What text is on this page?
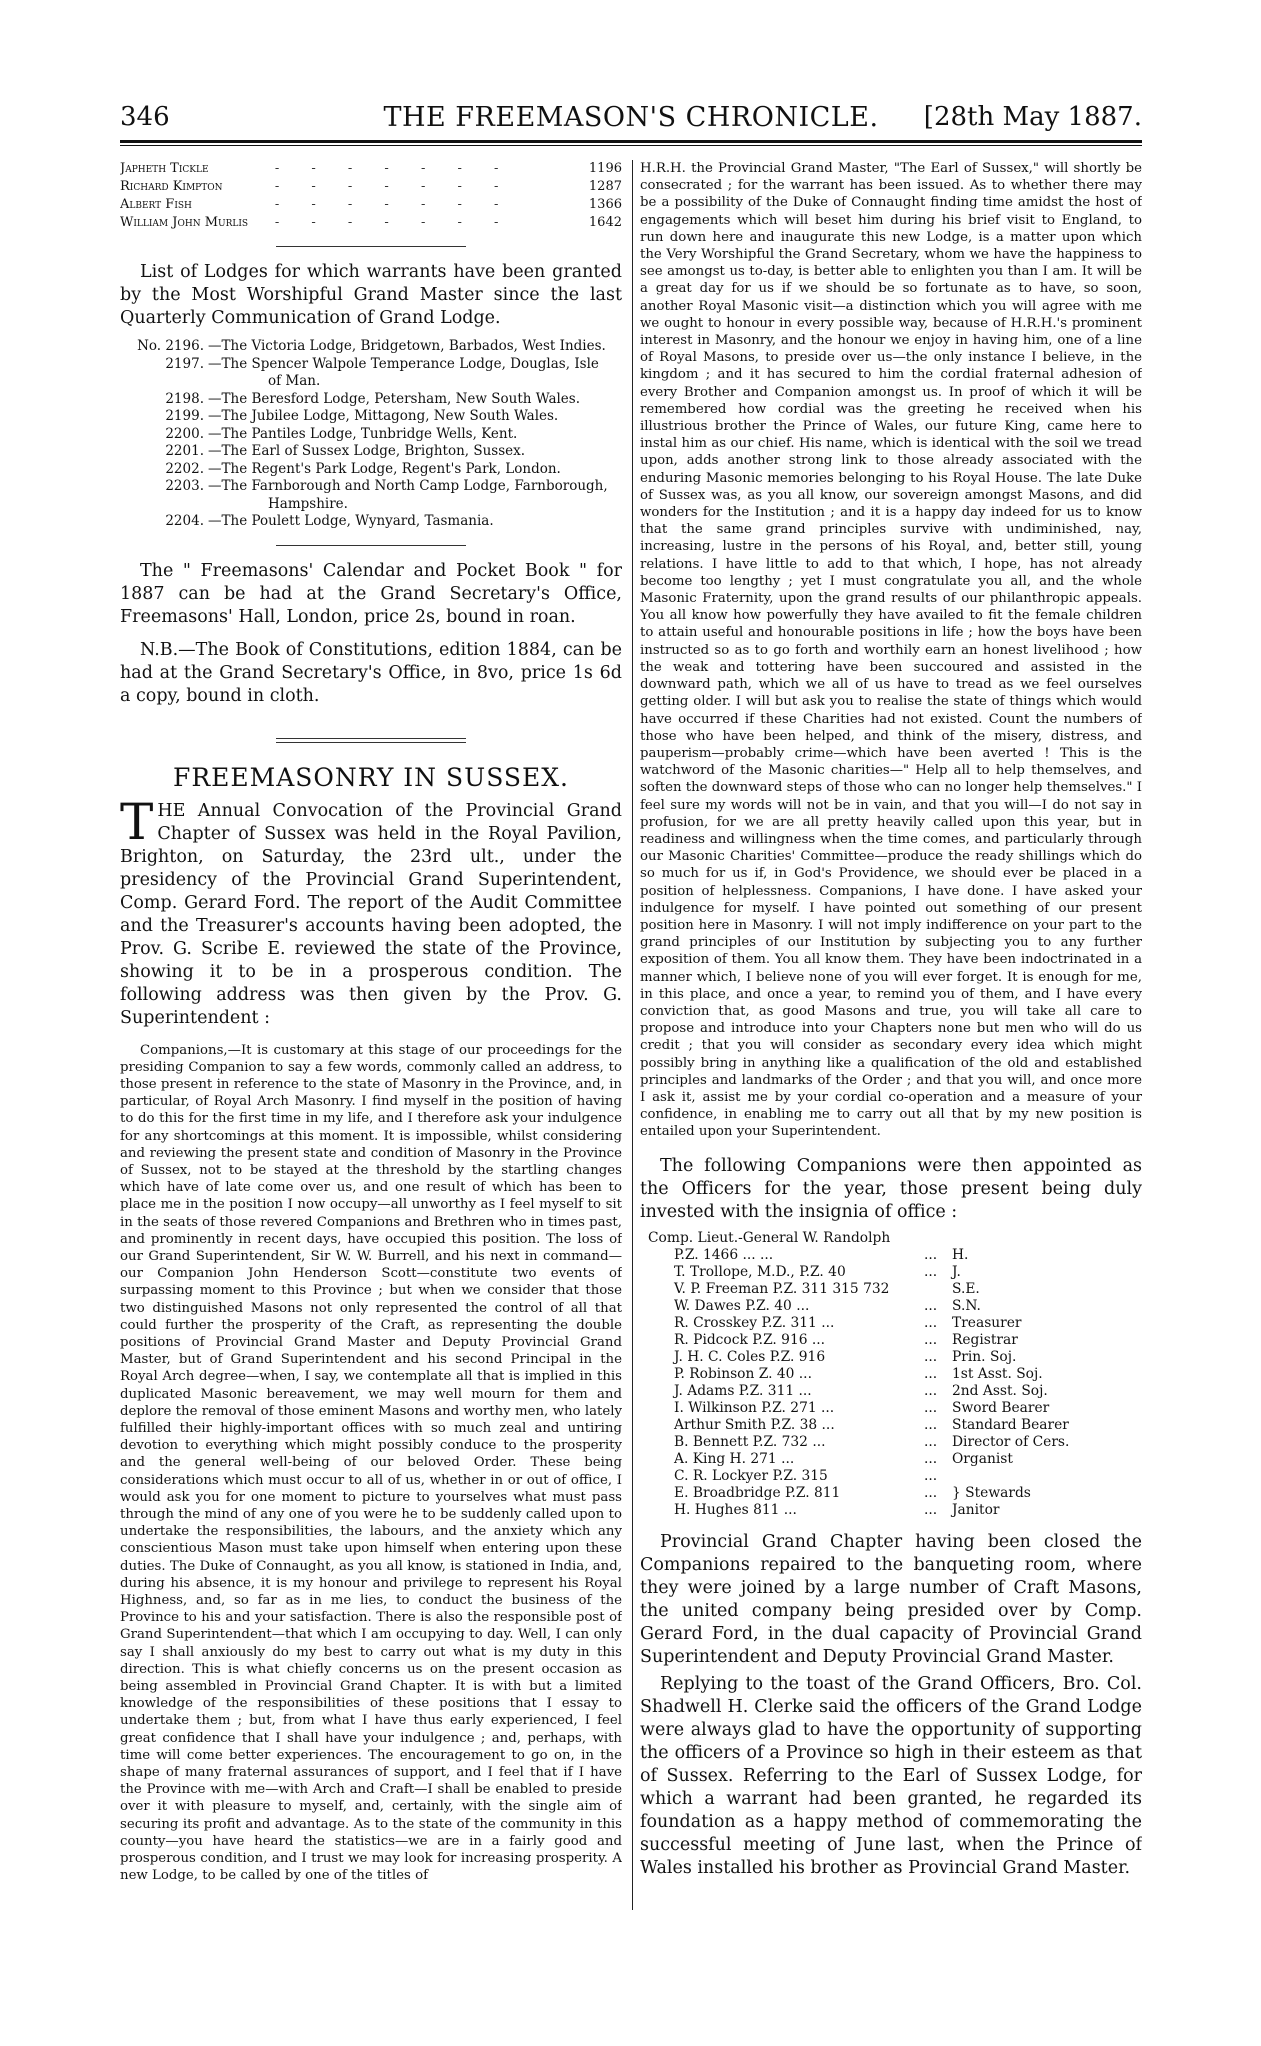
346	THE FREEMASON'S CHRONICLE.	[28th May 1887.
Japheth Tickle	- - - - - - -	1196
Richard Kimpton	- - - - - - -	1287
Albert Fish	- - - - - - -	1366
William John Murlis	- - - - - - -	1642

List of Lodges for which warrants have been granted by the Most Worshipful Grand Master since the last Quarterly Communication of Grand Lodge.

No. 2196. —The Victoria Lodge, Bridgetown, Barbados, West Indies.
2197. —The Spencer Walpole Temperance Lodge, Douglas, Isle
of Man.
2198. —The Beresford Lodge, Petersham, New South Wales.
2199. —The Jubilee Lodge, Mittagong, New South Wales.
2200. —The Pantiles Lodge, Tunbridge Wells, Kent.
2201. —The Earl of Sussex Lodge, Brighton, Sussex.
2202. —The Regent's Park Lodge, Regent's Park, London.
2203. —The Farnborough and North Camp Lodge, Farnborough,
Hampshire.
2204. —The Poulett Lodge, Wynyard, Tasmania.

The " Freemasons' Calendar and Pocket Book " for 1887 can be had at the Grand Secretary's Office, Freemasons' Hall, London, price 2s, bound in roan.

N.B.—The Book of Constitutions, edition 1884, can be had at the Grand Secretary's Office, in 8vo, price 1s 6d a copy, bound in cloth.

FREEMASONRY IN SUSSEX.

THE Annual Convocation of the Provincial Grand Chapter of Sussex was held in the Royal Pavilion, Brighton, on Saturday, the 23rd ult., under the presidency of the Provincial Grand Superintendent, Comp. Gerard Ford. The report of the Audit Committee and the Treasurer's accounts having been adopted, the Prov. G. Scribe E. reviewed the state of the Province, showing it to be in a prosperous condition. The following address was then given by the Prov. G. Superintendent :

Companions,—It is customary at this stage of our proceedings for the presiding Companion to say a few words, commonly called an address, to those present in reference to the state of Masonry in the Province, and, in particular, of Royal Arch Masonry. I find myself in the position of having to do this for the first time in my life, and I therefore ask your indulgence for any shortcomings at this moment. It is impossible, whilst considering and reviewing the present state and condition of Masonry in the Province of Sussex, not to be stayed at the threshold by the startling changes which have of late come over us, and one result of which has been to place me in the position I now occupy—all unworthy as I feel myself to sit in the seats of those revered Companions and Brethren who in times past, and prominently in recent days, have occupied this position. The loss of our Grand Superintendent, Sir W. W. Burrell, and his next in command—our Companion John Henderson Scott—constitute two events of surpassing moment to this Province ; but when we consider that those two distinguished Masons not only represented the control of all that could further the prosperity of the Craft, as representing the double positions of Provincial Grand Master and Deputy Provincial Grand Master, but of Grand Superintendent and his second Principal in the Royal Arch degree—when, I say, we contemplate all that is implied in this duplicated Masonic bereavement, we may well mourn for them and deplore the removal of those eminent Masons and worthy men, who lately fulfilled their highly-important offices with so much zeal and untiring devotion to everything which might possibly conduce to the prosperity and the general well-being of our beloved Order. These being considerations which must occur to all of us, whether in or out of office, I would ask you for one moment to picture to yourselves what must pass through the mind of any one of you were he to be suddenly called upon to undertake the responsibilities, the labours, and the anxiety which any conscientious Mason must take upon himself when entering upon these duties. The Duke of Connaught, as you all know, is stationed in India, and, during his absence, it is my honour and privilege to represent his Royal Highness, and, so far as in me lies, to conduct the business of the Province to his and your satisfaction. There is also the responsible post of Grand Superintendent—that which I am occupying to day. Well, I can only say I shall anxiously do my best to carry out what is my duty in this direction. This is what chiefly concerns us on the present occasion as being assembled in Provincial Grand Chapter. It is with but a limited knowledge of the responsibilities of these positions that I essay to undertake them ; but, from what I have thus early experienced, I feel great confidence that I shall have your indulgence ; and, perhaps, with time will come better experiences. The encouragement to go on, in the shape of many fraternal assurances of support, and I feel that if I have the Province with me—with Arch and Craft—I shall be enabled to preside over it with pleasure to myself, and, certainly, with the single aim of securing its profit and advantage. As to the state of the community in this county—you have heard the statistics—we are in a fairly good and prosperous condition, and I trust we may look for increasing prosperity. A new Lodge, to be called by one of the titles of

H.R.H. the Provincial Grand Master, "The Earl of Sussex," will shortly be consecrated ; for the warrant has been issued. As to whether there may be a possibility of the Duke of Connaught finding time amidst the host of engagements which will beset him during his brief visit to England, to run down here and inaugurate this new Lodge, is a matter upon which the Very Worshipful the Grand Secretary, whom we have the happiness to see amongst us to-day, is better able to enlighten you than I am. It will be a great day for us if we should be so fortunate as to have, so soon, another Royal Masonic visit—a distinction which you will agree with me we ought to honour in every possible way, because of H.R.H.'s prominent interest in Masonry, and the honour we enjoy in having him, one of a line of Royal Masons, to preside over us—the only instance I believe, in the kingdom ; and it has secured to him the cordial fraternal adhesion of every Brother and Companion amongst us. In proof of which it will be remembered how cordial was the greeting he received when his illustrious brother the Prince of Wales, our future King, came here to instal him as our chief. His name, which is identical with the soil we tread upon, adds another strong link to those already associated with the enduring Masonic memories belonging to his Royal House. The late Duke of Sussex was, as you all know, our sovereign amongst Masons, and did wonders for the Institution ; and it is a happy day indeed for us to know that the same grand principles survive with undiminished, nay, increasing, lustre in the persons of his Royal, and, better still, young relations. I have little to add to that which, I hope, has not already become too lengthy ; yet I must congratulate you all, and the whole Masonic Fraternity, upon the grand results of our philanthropic appeals. You all know how powerfully they have availed to fit the female children to attain useful and honourable positions in life ; how the boys have been instructed so as to go forth and worthily earn an honest livelihood ; how the weak and tottering have been succoured and assisted in the downward path, which we all of us have to tread as we feel ourselves getting older. I will but ask you to realise the state of things which would have occurred if these Charities had not existed. Count the numbers of those who have been helped, and think of the misery, distress, and pauperism—probably crime—which have been averted ! This is the watchword of the Masonic charities—" Help all to help themselves, and soften the downward steps of those who can no longer help themselves." I feel sure my words will not be in vain, and that you will—I do not say in profusion, for we are all pretty heavily called upon this year, but in readiness and willingness when the time comes, and particularly through our Masonic Charities' Committee—produce the ready shillings which do so much for us if, in God's Providence, we should ever be placed in a position of helplessness. Companions, I have done. I have asked your indulgence for myself. I have pointed out something of our present position here in Masonry. I will not imply indifference on your part to the grand principles of our Institution by subjecting you to any further exposition of them. You all know them. They have been indoctrinated in a manner which, I believe none of you will ever forget. It is enough for me, in this place, and once a year, to remind you of them, and I have every conviction that, as good Masons and true, you will take all care to propose and introduce into your Chapters none but men who will do us credit ; that you will consider as secondary every idea which might possibly bring in anything like a qualification of the old and established principles and landmarks of the Order ; and that you will, and once more I ask it, assist me by your cordial co-operation and a measure of your confidence, in enabling me to carry out all that by my new position is entailed upon your Superintendent.

The following Companions were then appointed as the Officers for the year, those present being duly invested with the insignia of office :

Comp. Lieut.-General W. Randolph		
P.Z. 1466 ... ...	...	H.
T. Trollope, M.D., P.Z. 40	...	J.
V. P. Freeman P.Z. 311 315 732		S.E.
W. Dawes P.Z. 40 ...	...	S.N.
R. Crosskey P.Z. 311 ...	...	Treasurer
R. Pidcock P.Z. 916 ...	...	Registrar
J. H. C. Coles P.Z. 916	...	Prin. Soj.
P. Robinson Z. 40 ...	...	1st Asst. Soj.
J. Adams P.Z. 311 ...	...	2nd Asst. Soj.
I. Wilkinson P.Z. 271 ...	...	Sword Bearer
Arthur Smith P.Z. 38 ...	...	Standard Bearer
B. Bennett P.Z. 732 ...	...	Director of Cers.
A. King H. 271 ...	...	Organist
C. R. Lockyer P.Z. 315	...	
E. Broadbridge P.Z. 811	...	} Stewards
H. Hughes 811 ...	...	Janitor

Provincial Grand Chapter having been closed the Companions repaired to the banqueting room, where they were joined by a large number of Craft Masons, the united company being presided over by Comp. Gerard Ford, in the dual capacity of Provincial Grand Superintendent and Deputy Provincial Grand Master.

Replying to the toast of the Grand Officers, Bro. Col. Shadwell H. Clerke said the officers of the Grand Lodge were always glad to have the opportunity of supporting the officers of a Province so high in their esteem as that of Sussex. Referring to the Earl of Sussex Lodge, for which a warrant had been granted, he regarded its foundation as a happy method of commemorating the successful meeting of June last, when the Prince of Wales installed his brother as Provincial Grand Master.
